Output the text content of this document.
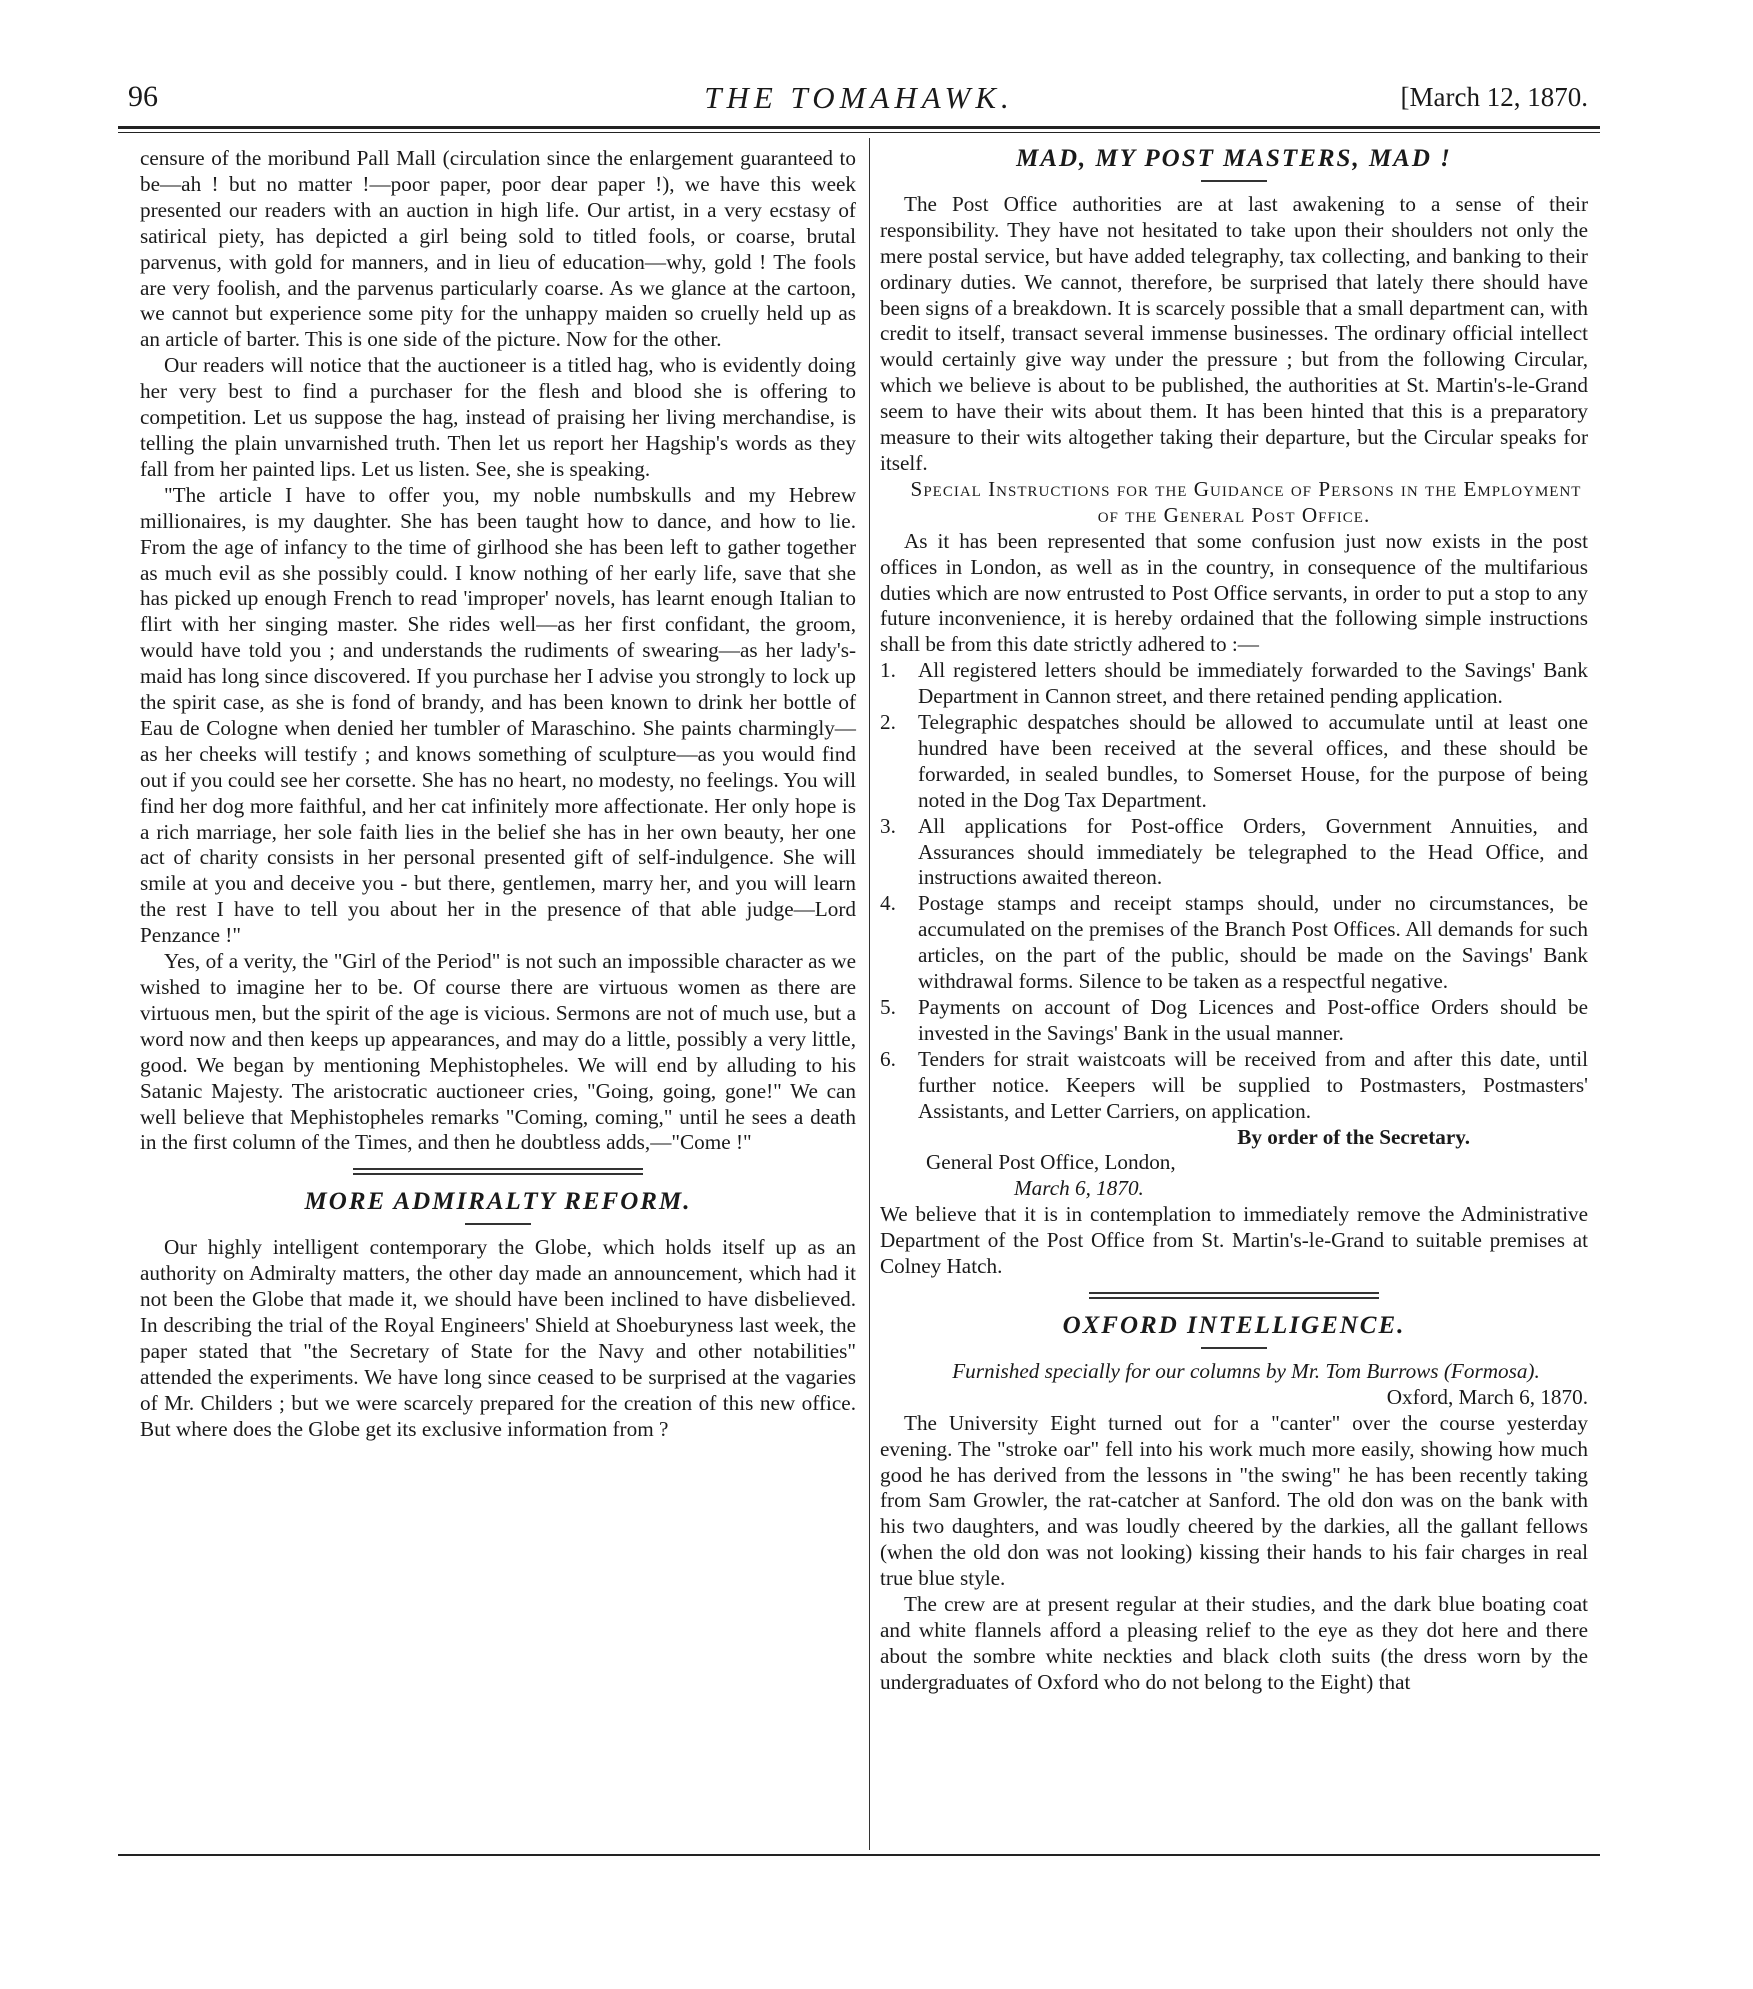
96	THE TOMAHAWK.	[March 12, 1870.

censure of the moribund Pall Mall (circulation since the enlargement guaranteed to be—ah ! but no matter !—poor paper, poor dear paper !), we have this week presented our readers with an auction in high life. Our artist, in a very ecstasy of satirical piety, has depicted a girl being sold to titled fools, or coarse, brutal parvenus, with gold for manners, and in lieu of education—why, gold ! The fools are very foolish, and the parvenus particularly coarse. As we glance at the cartoon, we cannot but experience some pity for the unhappy maiden so cruelly held up as an article of barter. This is one side of the picture. Now for the other.

Our readers will notice that the auctioneer is a titled hag, who is evidently doing her very best to find a purchaser for the flesh and blood she is offering to competition. Let us suppose the hag, instead of praising her living merchandise, is telling the plain unvarnished truth. Then let us report her Hagship's words as they fall from her painted lips. Let us listen. See, she is speaking.

"The article I have to offer you, my noble numbskulls and my Hebrew millionaires, is my daughter. She has been taught how to dance, and how to lie. From the age of infancy to the time of girlhood she has been left to gather together as much evil as she possibly could. I know nothing of her early life, save that she has picked up enough French to read 'improper' novels, has learnt enough Italian to flirt with her singing master. She rides well—as her first confidant, the groom, would have told you ; and understands the rudiments of swearing—as her lady's-maid has long since discovered. If you purchase her I advise you strongly to lock up the spirit case, as she is fond of brandy, and has been known to drink her bottle of Eau de Cologne when denied her tumbler of Maraschino. She paints charmingly—as her cheeks will testify ; and knows something of sculpture—as you would find out if you could see her corsette. She has no heart, no modesty, no feelings. You will find her dog more faithful, and her cat infinitely more affectionate. Her only hope is a rich marriage, her sole faith lies in the belief she has in her own beauty, her one act of charity consists in her personal presented gift of self-indulgence. She will smile at you and deceive you - but there, gentlemen, marry her, and you will learn the rest I have to tell you about her in the presence of that able judge—Lord Penzance !"

Yes, of a verity, the "Girl of the Period" is not such an impossible character as we wished to imagine her to be. Of course there are virtuous women as there are virtuous men, but the spirit of the age is vicious. Sermons are not of much use, but a word now and then keeps up appearances, and may do a little, possibly a very little, good. We began by mentioning Mephistopheles. We will end by alluding to his Satanic Majesty. The aristocratic auctioneer cries, "Going, going, gone!" We can well believe that Mephistopheles remarks "Coming, coming," until he sees a death in the first column of the Times, and then he doubtless adds,—"Come !"

MORE ADMIRALTY REFORM.

Our highly intelligent contemporary the Globe, which holds itself up as an authority on Admiralty matters, the other day made an announcement, which had it not been the Globe that made it, we should have been inclined to have disbelieved. In describing the trial of the Royal Engineers' Shield at Shoeburyness last week, the paper stated that "the Secretary of State for the Navy and other notabilities" attended the experiments. We have long since ceased to be surprised at the vagaries of Mr. Childers ; but we were scarcely prepared for the creation of this new office. But where does the Globe get its exclusive information from ?

MAD, MY POST MASTERS, MAD !

The Post Office authorities are at last awakening to a sense of their responsibility. They have not hesitated to take upon their shoulders not only the mere postal service, but have added telegraphy, tax collecting, and banking to their ordinary duties. We cannot, therefore, be surprised that lately there should have been signs of a breakdown. It is scarcely possible that a small department can, with credit to itself, transact several immense businesses. The ordinary official intellect would certainly give way under the pressure ; but from the following Circular, which we believe is about to be published, the authorities at St. Martin's-le-Grand seem to have their wits about them. It has been hinted that this is a preparatory measure to their wits altogether taking their departure, but the Circular speaks for itself.

Special Instructions for the Guidance of Persons in the Employment of the General Post Office.

As it has been represented that some confusion just now exists in the post offices in London, as well as in the country, in consequence of the multifarious duties which are now entrusted to Post Office servants, in order to put a stop to any future inconvenience, it is hereby ordained that the following simple instructions shall be from this date strictly adhered to :—

1.	All registered letters should be immediately forwarded to the Savings' Bank Department in Cannon street, and there retained pending application.
2.	Telegraphic despatches should be allowed to accumulate until at least one hundred have been received at the several offices, and these should be forwarded, in sealed bundles, to Somerset House, for the purpose of being noted in the Dog Tax Department.
3.	All applications for Post-office Orders, Government Annuities, and Assurances should immediately be telegraphed to the Head Office, and instructions awaited thereon.
4.	Postage stamps and receipt stamps should, under no circumstances, be accumulated on the premises of the Branch Post Offices. All demands for such articles, on the part of the public, should be made on the Savings' Bank withdrawal forms. Silence to be taken as a respectful negative.
5.	Payments on account of Dog Licences and Post-office Orders should be invested in the Savings' Bank in the usual manner.
6.	Tenders for strait waistcoats will be received from and after this date, until further notice. Keepers will be supplied to Postmasters, Postmasters' Assistants, and Letter Carriers, on application.

By order of the Secretary.

General Post Office, London,

March 6, 1870.

We believe that it is in contemplation to immediately remove the Administrative Department of the Post Office from St. Martin's-le-Grand to suitable premises at Colney Hatch.

OXFORD INTELLIGENCE.

Furnished specially for our columns by Mr. Tom Burrows (Formosa).

Oxford, March 6, 1870.

The University Eight turned out for a "canter" over the course yesterday evening. The "stroke oar" fell into his work much more easily, showing how much good he has derived from the lessons in "the swing" he has been recently taking from Sam Growler, the rat-catcher at Sanford. The old don was on the bank with his two daughters, and was loudly cheered by the darkies, all the gallant fellows (when the old don was not looking) kissing their hands to his fair charges in real true blue style.

The crew are at present regular at their studies, and the dark blue boating coat and white flannels afford a pleasing relief to the eye as they dot here and there about the sombre white neckties and black cloth suits (the dress worn by the undergraduates of Oxford who do not belong to the Eight) that
